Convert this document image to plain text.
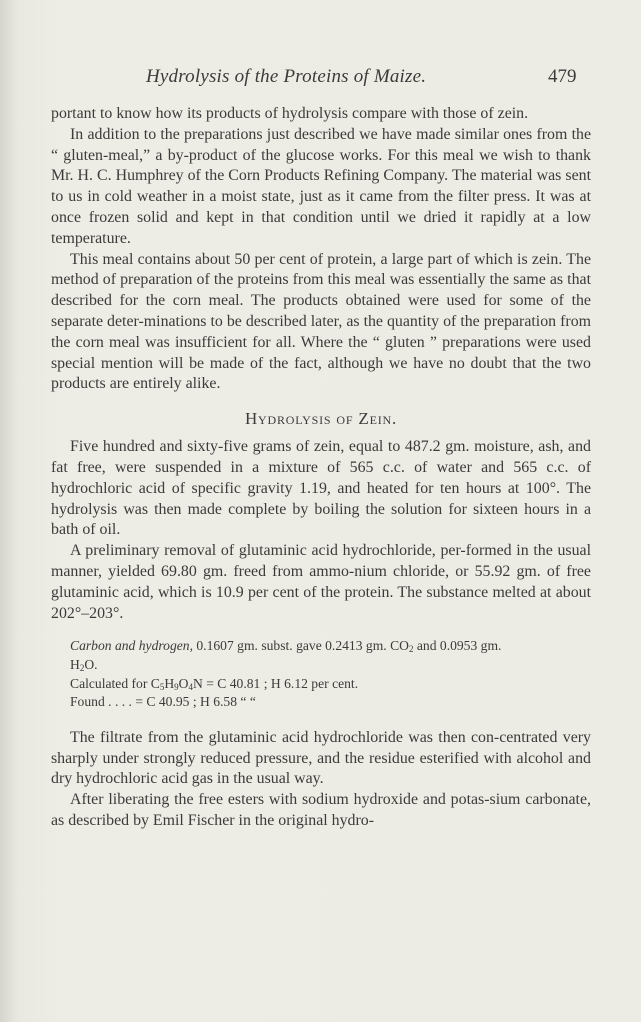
Hydrolysis of the Proteins of Maize.	479

portant to know how its products of hydrolysis compare with those of zein.

In addition to the preparations just described we have made similar ones from the “ gluten-meal,” a by-product of the glucose works. For this meal we wish to thank Mr. H. C. Humphrey of the Corn Products Refining Company. The material was sent to us in cold weather in a moist state, just as it came from the filter press. It was at once frozen solid and kept in that condition until we dried it rapidly at a low temperature.

This meal contains about 50 per cent of protein, a large part of which is zein. The method of preparation of the proteins from this meal was essentially the same as that described for the corn meal. The products obtained were used for some of the separate deter-minations to be described later, as the quantity of the preparation from the corn meal was insufficient for all. Where the “ gluten ” preparations were used special mention will be made of the fact, although we have no doubt that the two products are entirely alike.

Hydrolysis of Zein.

Five hundred and sixty-five grams of zein, equal to 487.2 gm. moisture, ash, and fat free, were suspended in a mixture of 565 c.c. of water and 565 c.c. of hydrochloric acid of specific gravity 1.19, and heated for ten hours at 100°. The hydrolysis was then made complete by boiling the solution for sixteen hours in a bath of oil.

A preliminary removal of glutaminic acid hydrochloride, per-formed in the usual manner, yielded 69.80 gm. freed from ammo-nium chloride, or 55.92 gm. of free glutaminic acid, which is 10.9 per cent of the protein. The substance melted at about 202°–203°.

Carbon and hydrogen, 0.1607 gm. subst. gave 0.2413 gm. $CO_2$ and 0.0953 gm.
$H_2O$.
Calculated for $C_5H_9O_4N = C$ 40.81 ; H 6.12 per cent.
Found . . . . = C 40.95 ; H 6.58 “ “

The filtrate from the glutaminic acid hydrochloride was then con-centrated very sharply under strongly reduced pressure, and the residue esterified with alcohol and dry hydrochloric acid gas in the usual way.

After liberating the free esters with sodium hydroxide and potas-sium carbonate, as described by Emil Fischer in the original hydro-
